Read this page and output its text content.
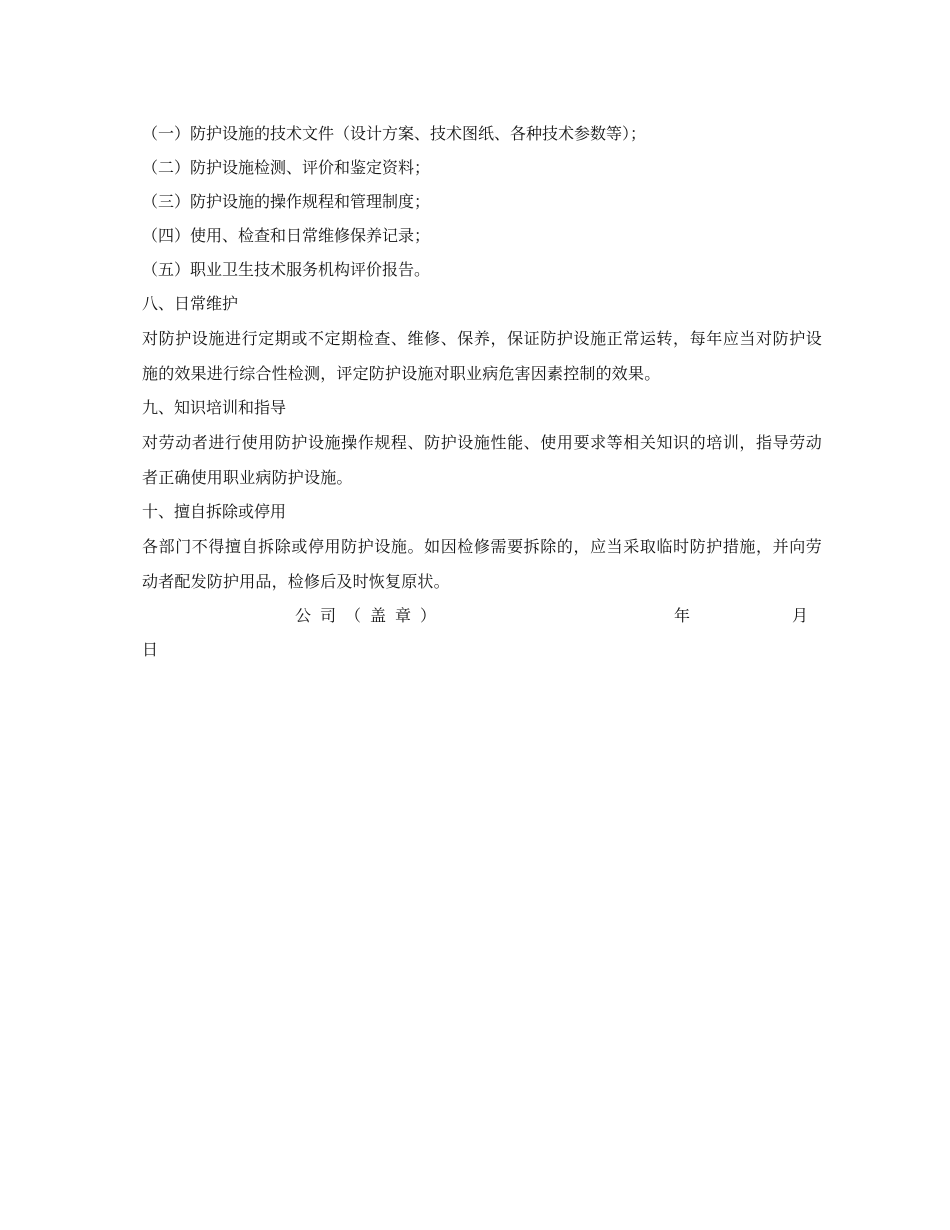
（一）防护设施的技术文件（设计方案、技术图纸、各种技术参数等）；
（二）防护设施检测、评价和鉴定资料；
（三）防护设施的操作规程和管理制度；
（四）使用、检查和日常维修保养记录；
（五）职业卫生技术服务机构评价报告。
八、日常维护
对防护设施进行定期或不定期检查、维修、保养，保证防护设施正常运转，每年应当对防护设施的效果进行综合性检测，评定防护设施对职业病危害因素控制的效果。
九、知识培训和指导
对劳动者进行使用防护设施操作规程、防护设施性能、使用要求等相关知识的培训，指导劳动者正确使用职业病防护设施。
十、擅自拆除或停用
各部门不得擅自拆除或停用防护设施。如因检修需要拆除的，应当采取临时防护措施，并向劳动者配发防护用品，检修后及时恢复原状。
公司（盖章）	年	月
日
